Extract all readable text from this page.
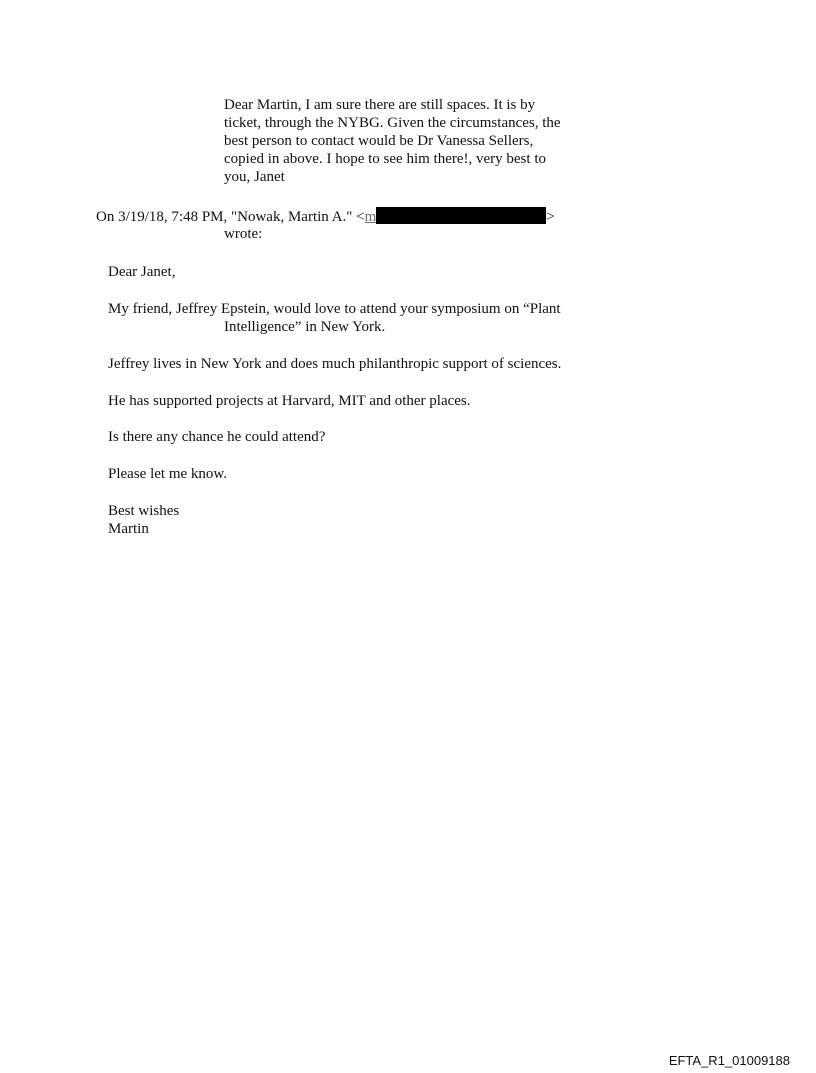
Dear Martin, I am sure there are still spaces. It is by
ticket, through the NYBG. Given the circumstances, the
best person to contact would be Dr Vanessa Sellers,
copied in above. I hope to see him there!, very best to
you, Janet
On 3/19/18, 7:48 PM, "Nowak, Martin A." <m	>
wrote:
Dear Janet,
My friend, Jeffrey Epstein, would love to attend your symposium on “Plant
Intelligence” in New York.
Jeffrey lives in New York and does much philanthropic support of sciences.
He has supported projects at Harvard, MIT and other places.
Is there any chance he could attend?
Please let me know.
Best wishes
Martin
EFTA_R1_01009188
